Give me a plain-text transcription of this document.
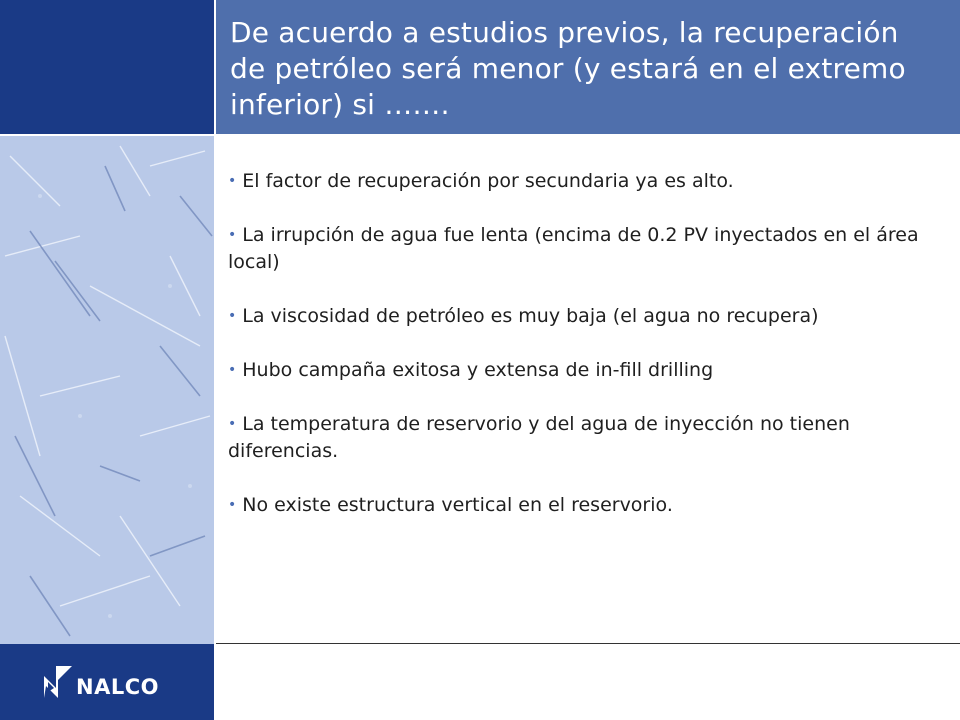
De acuerdo a estudios previos, la recuperación de petróleo será menor (y estará en el extremo inferior) si …….
• El factor de recuperación por secundaria ya es alto.
• La irrupción de agua fue lenta (encima de 0.2 PV inyectados en el área local)
• La viscosidad de petróleo es muy baja (el agua no recupera)
• Hubo campaña exitosa y extensa de in-fill drilling
• La temperatura de reservorio y del agua de inyección no tienen diferencias.
• No existe estructura vertical en el reservorio.
NALCO
